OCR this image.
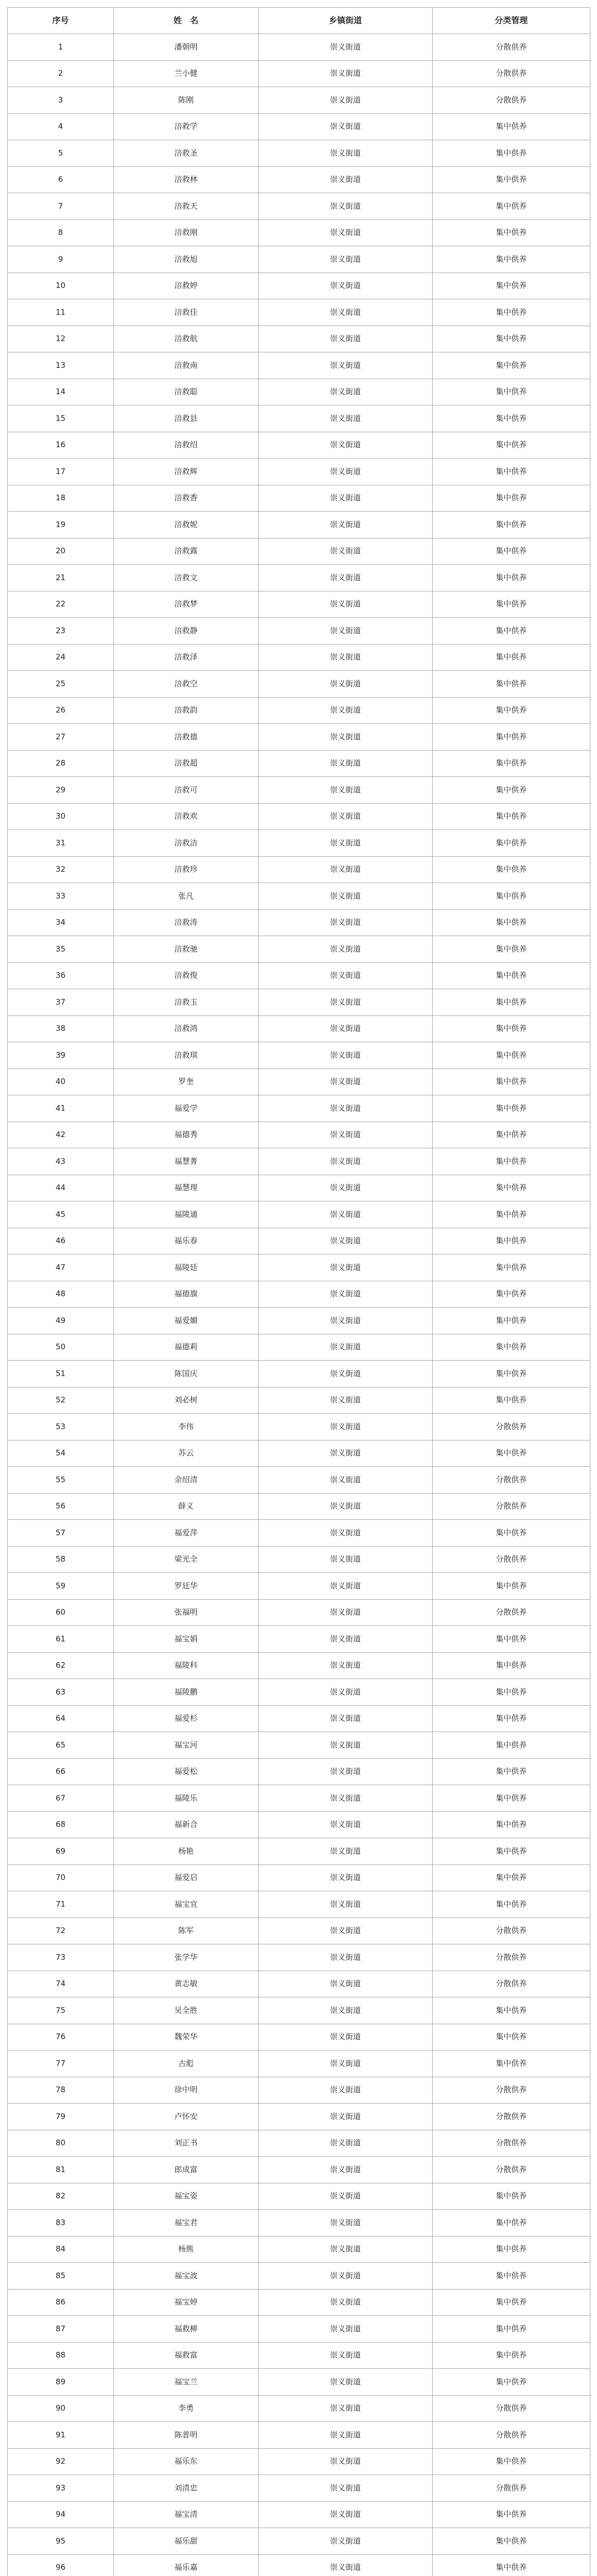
序号	姓　名	乡镇街道	分类管理
1	潘朝明	崇义街道	分散供养
2	兰小健	崇义街道	分散供养
3	陈刚	崇义街道	分散供养
4	涪救学	崇义街道	集中供养
5	涪救圣	崇义街道	集中供养
6	涪救林	崇义街道	集中供养
7	涪救天	崇义街道	集中供养
8	涪救刚	崇义街道	集中供养
9	涪救旭	崇义街道	集中供养
10	涪救婷	崇义街道	集中供养
11	涪救佳	崇义街道	集中供养
12	涪救航	崇义街道	集中供养
13	涪救南	崇义街道	集中供养
14	涪救聪	崇义街道	集中供养
15	涪救县	崇义街道	集中供养
16	涪救绍	崇义街道	集中供养
17	涪救辉	崇义街道	集中供养
18	涪救香	崇义街道	集中供养
19	涪救妮	崇义街道	集中供养
20	涪救露	崇义街道	集中供养
21	涪救文	崇义街道	集中供养
22	涪救梦	崇义街道	集中供养
23	涪救静	崇义街道	集中供养
24	涪救泽	崇义街道	集中供养
25	涪救空	崇义街道	集中供养
26	涪救韵	崇义街道	集中供养
27	涪救德	崇义街道	集中供养
28	涪救超	崇义街道	集中供养
29	涪救可	崇义街道	集中供养
30	涪救欢	崇义街道	集中供养
31	涪救洁	崇义街道	集中供养
32	涪救珍	崇义街道	集中供养
33	张凡	崇义街道	集中供养
34	涪救涛	崇义街道	集中供养
35	涪救驰	崇义街道	集中供养
36	涪救俊	崇义街道	集中供养
37	涪救玉	崇义街道	集中供养
38	涪救鸿	崇义街道	集中供养
39	涪救琪	崇义街道	集中供养
40	罗奎	崇义街道	集中供养
41	福爱学	崇义街道	集中供养
42	福德秀	崇义街道	集中供养
43	福慧菁	崇义街道	集中供养
44	福慧理	崇义街道	集中供养
45	福陵通	崇义街道	集中供养
46	福乐春	崇义街道	集中供养
47	福陵廷	崇义街道	集中供养
48	福德旗	崇义街道	集中供养
49	福爱媚	崇义街道	集中供养
50	福德莉	崇义街道	集中供养
51	陈国庆	崇义街道	集中供养
52	刘必树	崇义街道	集中供养
53	李伟	崇义街道	分散供养
54	苏云	崇义街道	集中供养
55	余绍清	崇义街道	分散供养
56	薛义	崇义街道	分散供养
57	福爱萍	崇义街道	集中供养
58	梁光全	崇义街道	分散供养
59	罗廷华	崇义街道	集中供养
60	张福明	崇义街道	分散供养
61	福宝娟	崇义街道	集中供养
62	福陵科	崇义街道	集中供养
63	福陵鹏	崇义街道	集中供养
64	福爱杉	崇义街道	集中供养
65	福宝河	崇义街道	集中供养
66	福爱松	崇义街道	集中供养
67	福陵乐	崇义街道	集中供养
68	福新合	崇义街道	集中供养
69	杨艳	崇义街道	集中供养
70	福爱启	崇义街道	集中供养
71	福宝宜	崇义街道	集中供养
72	陈军	崇义街道	分散供养
73	张学华	崇义街道	分散供养
74	黄志敏	崇义街道	分散供养
75	吴全胜	崇义街道	集中供养
76	魏荣华	崇义街道	集中供养
77	古彪	崇义街道	集中供养
78	徐中明	崇义街道	分散供养
79	卢怀安	崇义街道	分散供养
80	刘正书	崇义街道	分散供养
81	郎成富	崇义街道	分散供养
82	福宝姿	崇义街道	集中供养
83	福宝君	崇义街道	集中供养
84	杨熊	崇义街道	集中供养
85	福宝波	崇义街道	集中供养
86	福宝婷	崇义街道	集中供养
87	福救柳	崇义街道	集中供养
88	福救富	崇义街道	集中供养
89	福宝兰	崇义街道	集中供养
90	李勇	崇义街道	分散供养
91	陈普明	崇义街道	分散供养
92	福乐东	崇义街道	集中供养
93	刘清忠	崇义街道	分散供养
94	福宝清	崇义街道	集中供养
95	福乐甜	崇义街道	集中供养
96	福乐嘉	崇义街道	集中供养
